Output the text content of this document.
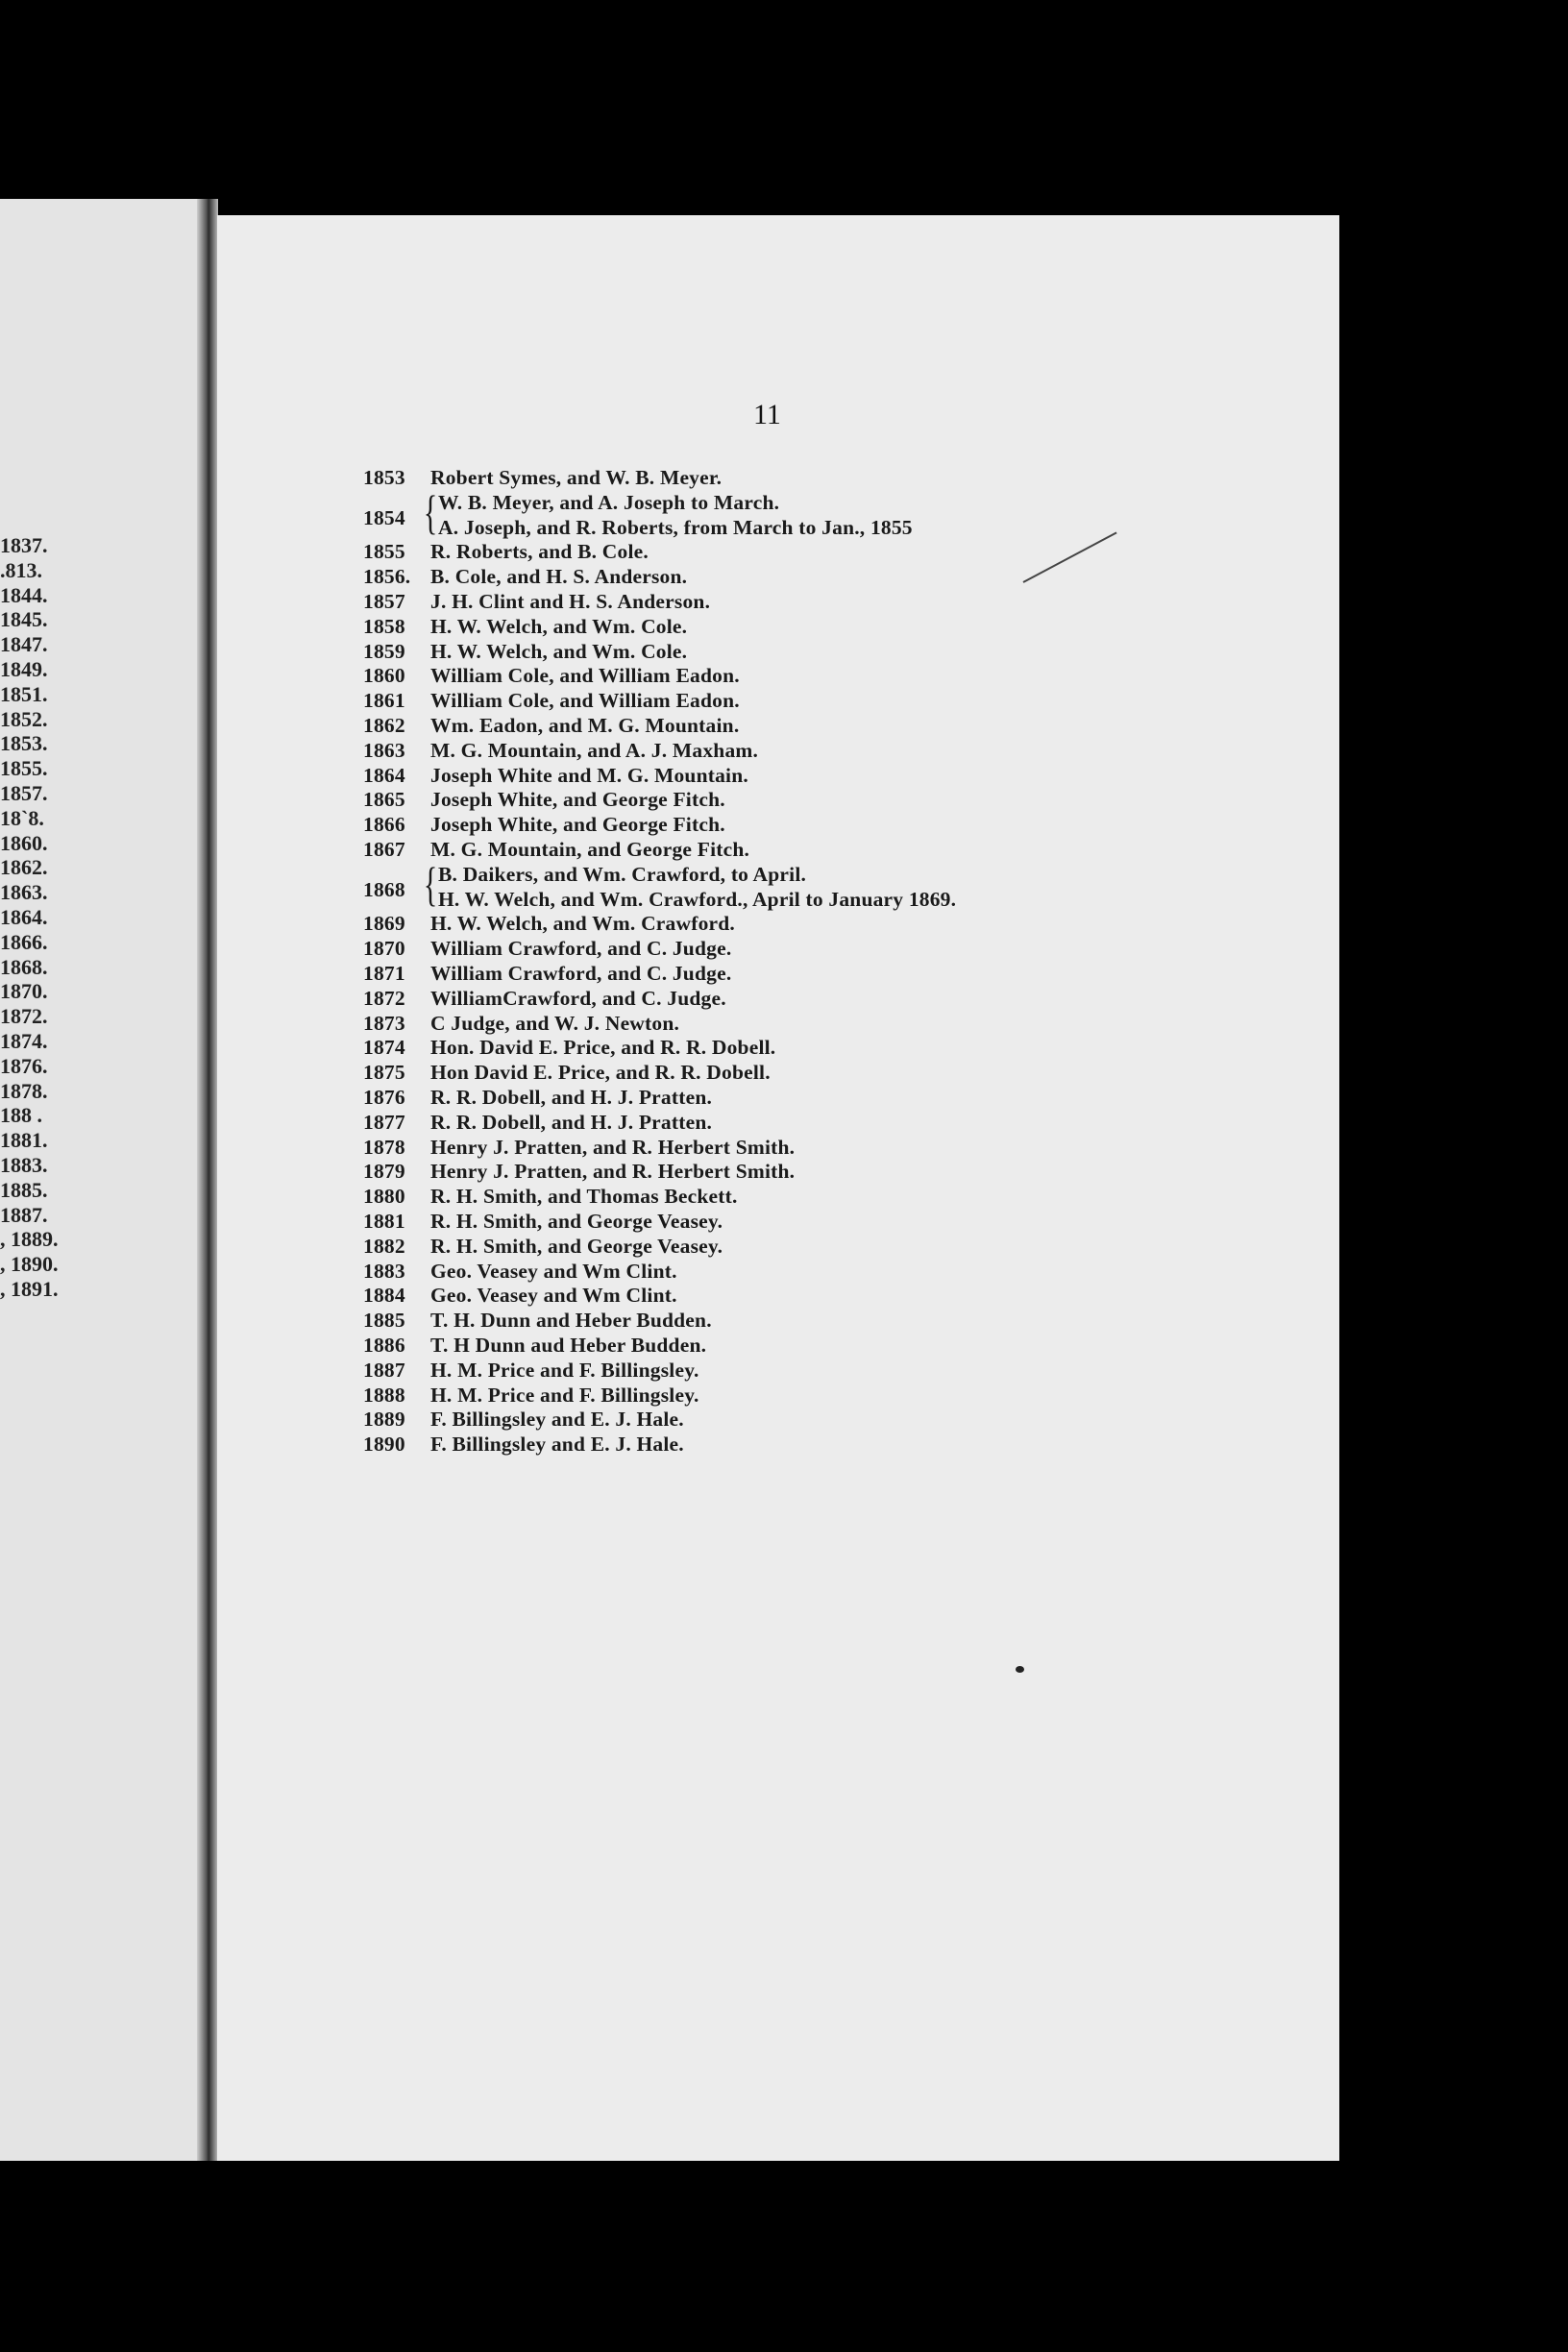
1837.
.813.
1844.
1845.
1847.
1849.
1851.
1852.
1853.
1855.
1857.
18`8.
1860.
1862.
1863.
1864.
1866.
1868.
1870.
1872.
1874.
1876.
1878.
188 .
1881.
1883.
1885.
1887.
, 1889.
, 1890.
, 1891.
11
1853 Robert Symes, and W. B. Meyer.
1854 { W. B. Meyer, and A. Joseph to March.
A. Joseph, and R. Roberts, from March to Jan., 1855
1855 R. Roberts, and B. Cole.
1856. B. Cole, and H. S. Anderson.
1857 J. H. Clint and H. S. Anderson.
1858 H. W. Welch, and Wm. Cole.
1859 H. W. Welch, and Wm. Cole.
1860 William Cole, and William Eadon.
1861 William Cole, and William Eadon.
1862 Wm. Eadon, and M. G. Mountain.
1863 M. G. Mountain, and A. J. Maxham.
1864 Joseph White and M. G. Mountain.
1865 Joseph White, and George Fitch.
1866 Joseph White, and George Fitch.
1867 M. G. Mountain, and George Fitch.
1868 { B. Daikers, and Wm. Crawford, to April.
H. W. Welch, and Wm. Crawford., April to January 1869.
1869 H. W. Welch, and Wm. Crawford.
1870 William Crawford, and C. Judge.
1871 William Crawford, and C. Judge.
1872 WilliamCrawford, and C. Judge.
1873 C Judge, and W. J. Newton.
1874 Hon. David E. Price, and R. R. Dobell.
1875 Hon David E. Price, and R. R. Dobell.
1876 R. R. Dobell, and H. J. Pratten.
1877 R. R. Dobell, and H. J. Pratten.
1878 Henry J. Pratten, and R. Herbert Smith.
1879 Henry J. Pratten, and R. Herbert Smith.
1880 R. H. Smith, and Thomas Beckett.
1881 R. H. Smith, and George Veasey.
1882 R. H. Smith, and George Veasey.
1883 Geo. Veasey and Wm Clint.
1884 Geo. Veasey and Wm Clint.
1885 T. H. Dunn and Heber Budden.
1886 T. H Dunn aud Heber Budden.
1887 H. M. Price and F. Billingsley.
1888 H. M. Price and F. Billingsley.
1889 F. Billingsley and E. J. Hale.
1890 F. Billingsley and E. J. Hale.
